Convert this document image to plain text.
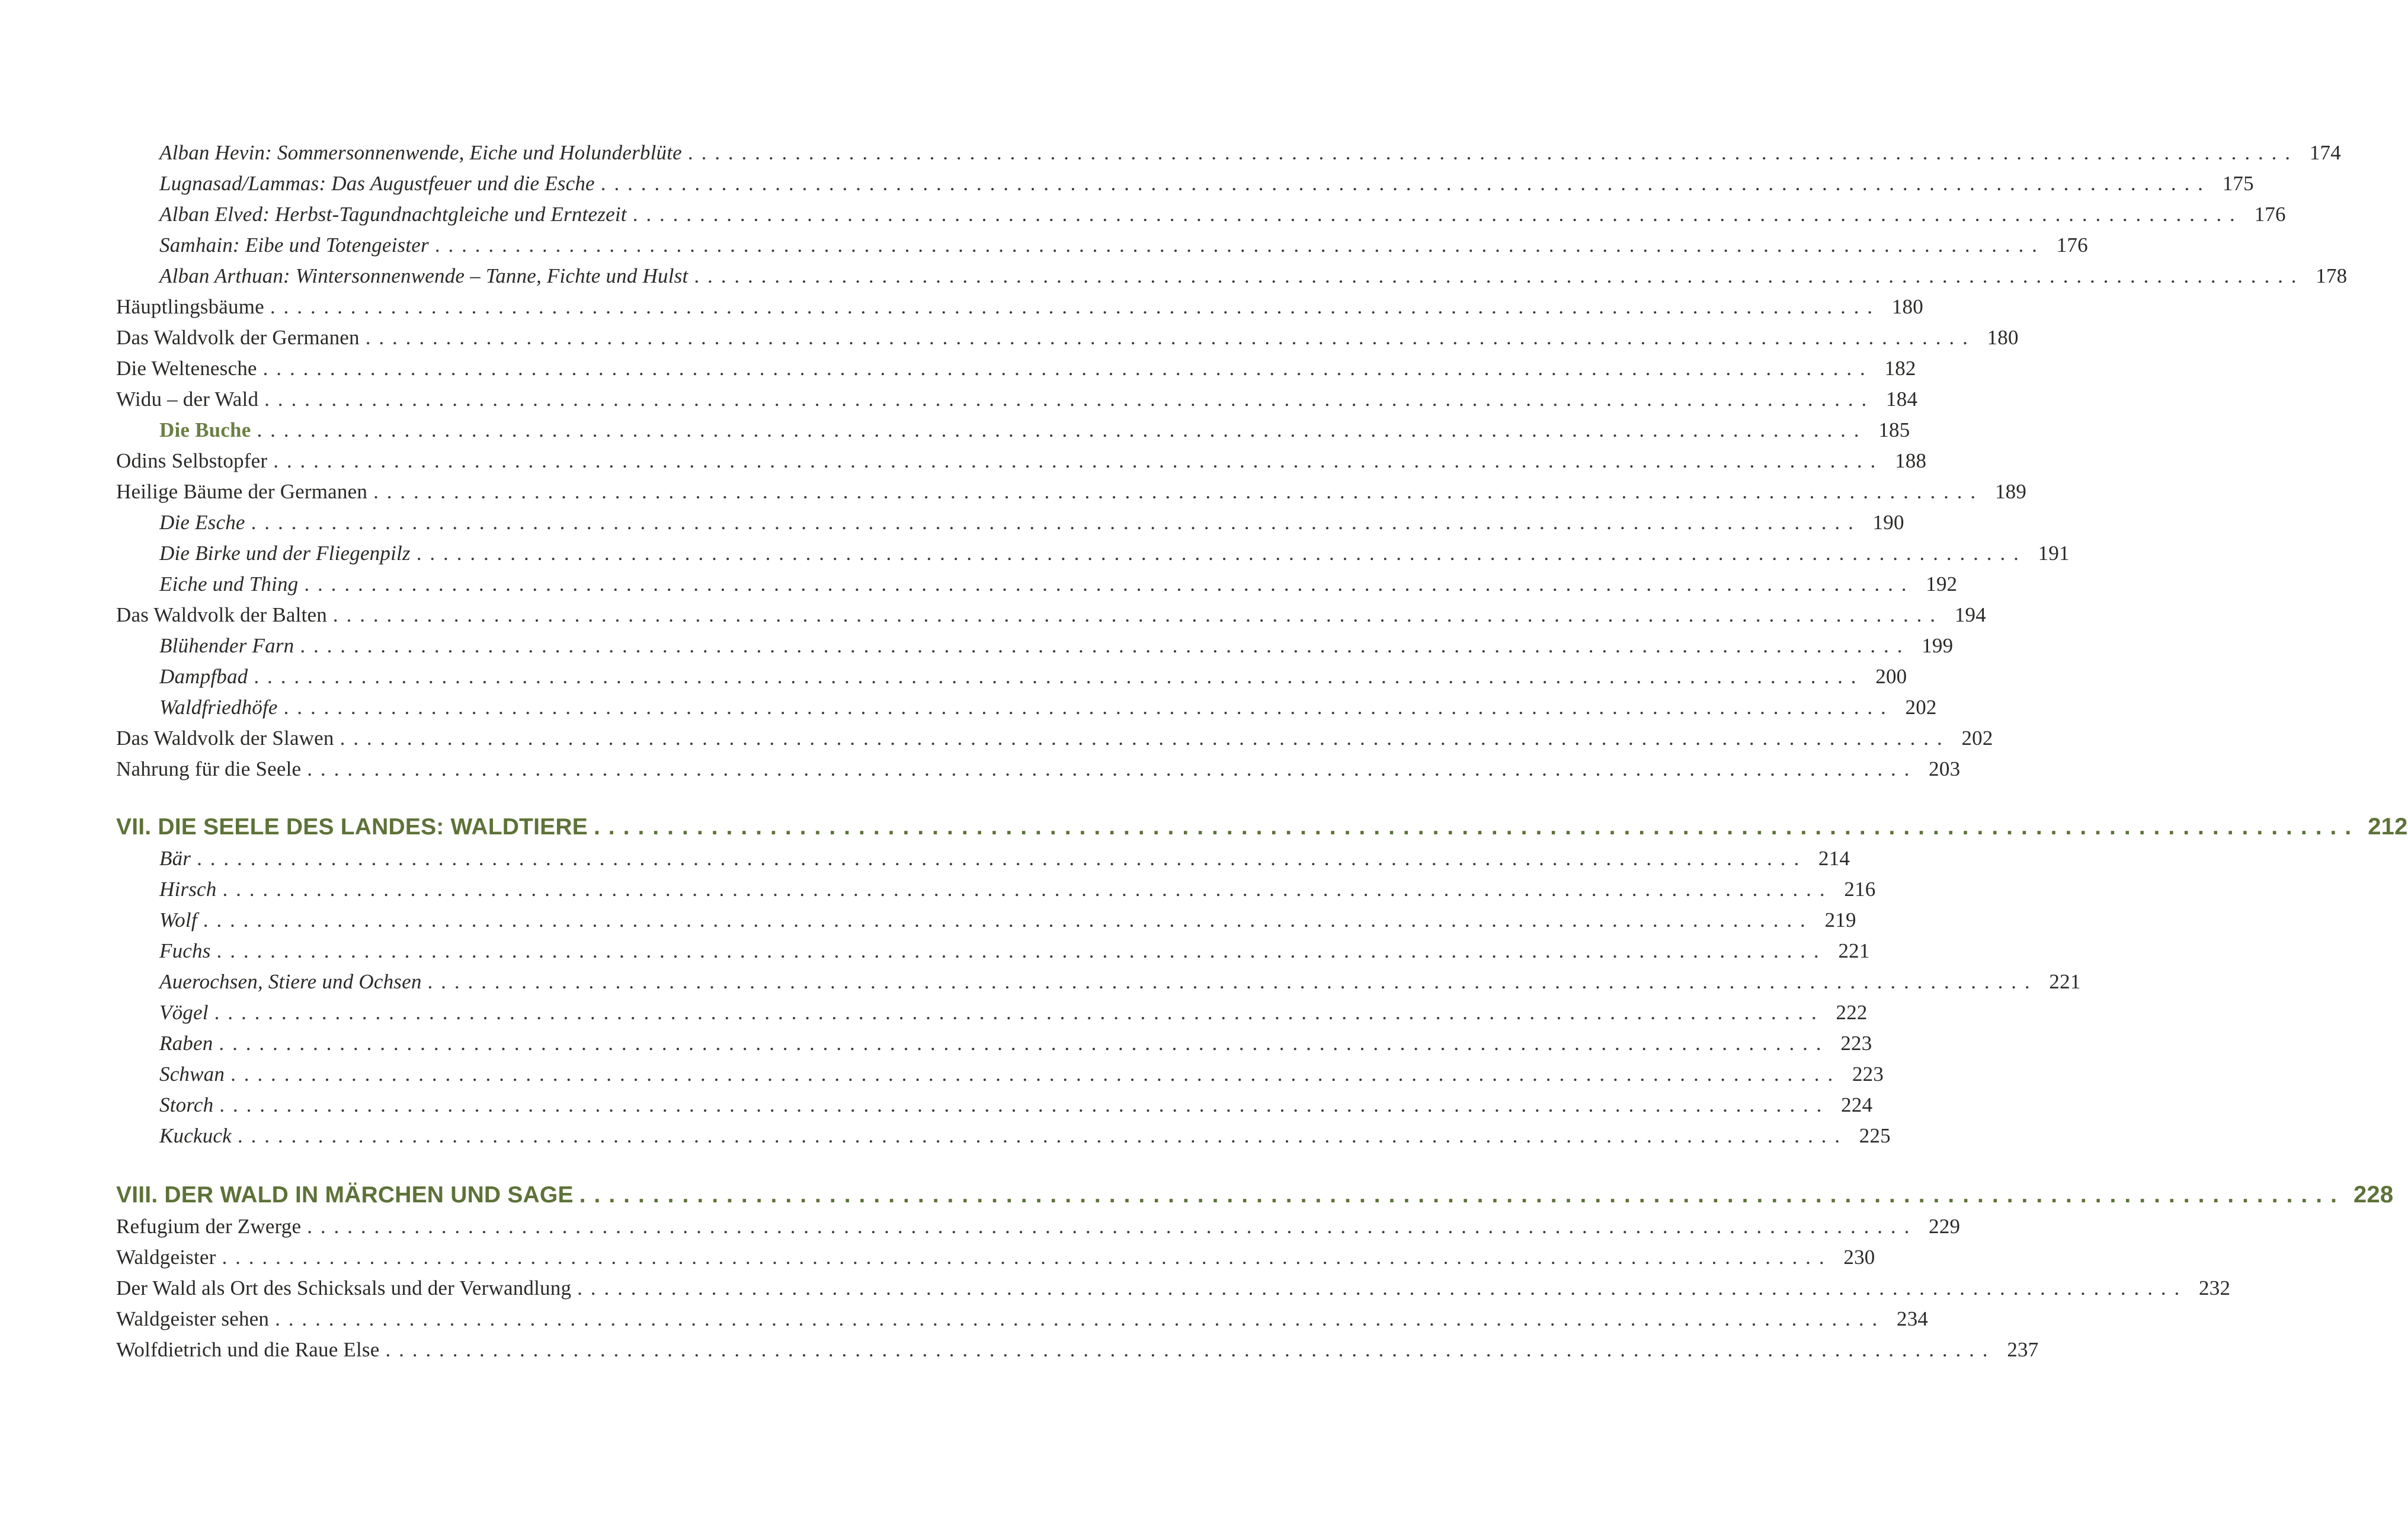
Alban Hevin: Sommersonnenwende, Eiche und Holunderblüte ........................................................................................................................ 174
Lugnasad/Lammas: Das Augustfeuer und die Esche ........................................................................................................................ 175
Alban Elved: Herbst-Tagundnachtgleiche und Erntezeit ........................................................................................................................ 176
Samhain: Eibe und Totengeister ........................................................................................................................ 176
Alban Arthuan: Wintersonnenwende – Tanne, Fichte und Hulst ........................................................................................................................ 178
Häuptlingsbäume ........................................................................................................................ 180
Das Waldvolk der Germanen ........................................................................................................................ 180
Die Weltenesche ........................................................................................................................ 182
Widu – der Wald ........................................................................................................................ 184
Die Buche ........................................................................................................................ 185
Odins Selbstopfer ........................................................................................................................ 188
Heilige Bäume der Germanen ........................................................................................................................ 189
Die Esche ........................................................................................................................ 190
Die Birke und der Fliegenpilz ........................................................................................................................ 191
Eiche und Thing ........................................................................................................................ 192
Das Waldvolk der Balten ........................................................................................................................ 194
Blühender Farn ........................................................................................................................ 199
Dampfbad ........................................................................................................................ 200
Waldfriedhöfe ........................................................................................................................ 202
Das Waldvolk der Slawen ........................................................................................................................ 202
Nahrung für die Seele ........................................................................................................................ 203
VII. DIE SEELE DES LANDES: WALDTIERE ........................................................................................................................ 212
Bär ........................................................................................................................ 214
Hirsch ........................................................................................................................ 216
Wolf ........................................................................................................................ 219
Fuchs ........................................................................................................................ 221
Auerochsen, Stiere und Ochsen ........................................................................................................................ 221
Vögel ........................................................................................................................ 222
Raben ........................................................................................................................ 223
Schwan ........................................................................................................................ 223
Storch ........................................................................................................................ 224
Kuckuck ........................................................................................................................ 225
VIII. DER WALD IN MÄRCHEN UND SAGE ........................................................................................................................ 228
Refugium der Zwerge ........................................................................................................................ 229
Waldgeister ........................................................................................................................ 230
Der Wald als Ort des Schicksals und der Verwandlung ........................................................................................................................ 232
Waldgeister sehen ........................................................................................................................ 234
Wolfdietrich und die Raue Else ........................................................................................................................ 237
